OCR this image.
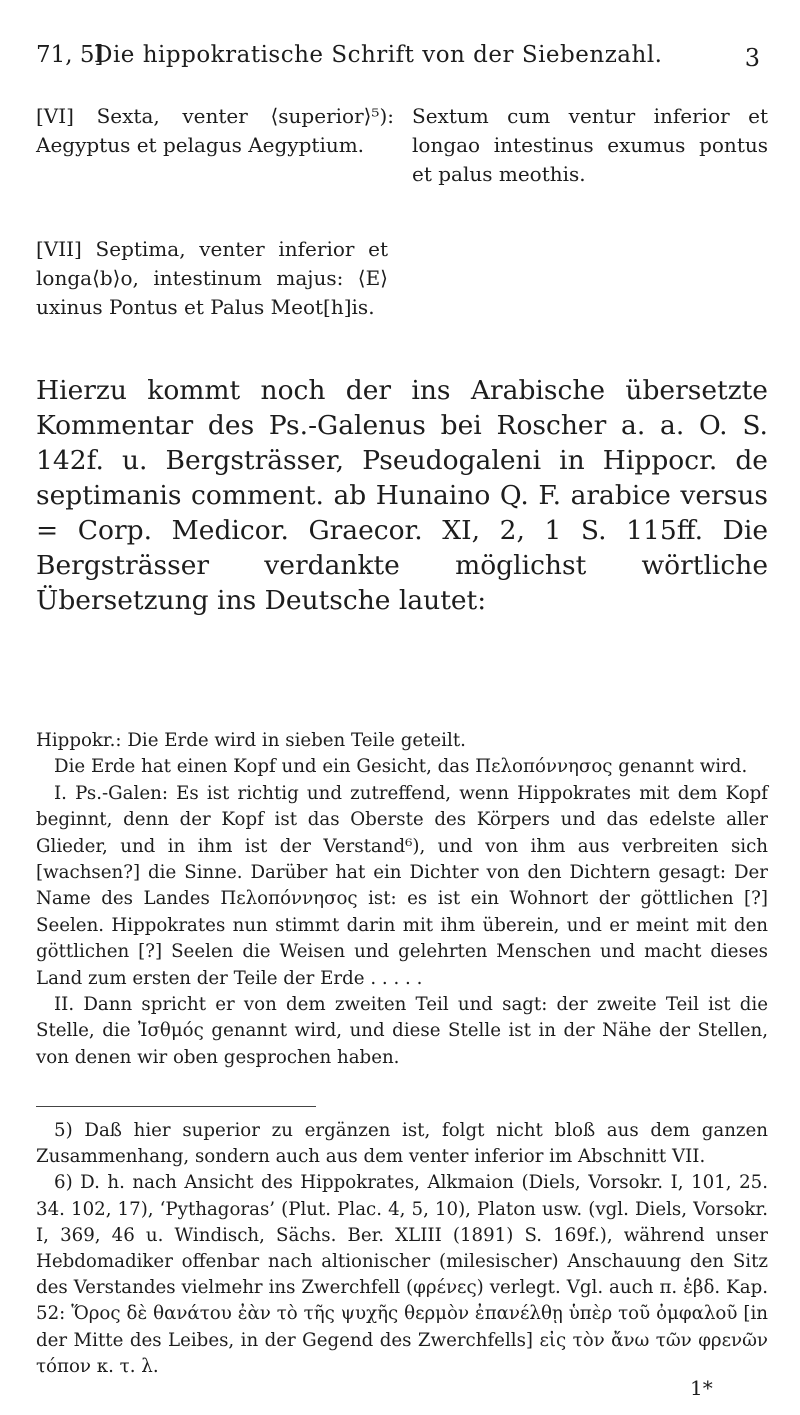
71, 5]
Die hippokratische Schrift von der Siebenzahl.	3

[VI] Sexta, venter ⟨superior⟩⁵): Aegyptus et pelagus Aegyptium.

Sextum cum ventur inferior et longao intestinus exumus pontus et palus meothis.

[VII] Septima, venter inferior et longa⟨b⟩o, intestinum majus: ⟨E⟩uxinus Pontus et Palus Meot[h]is.

Hierzu kommt noch der ins Arabische übersetzte Kommentar des Ps.-Galenus bei Roscher a. a. O. S. 142f. u. Bergsträsser, Pseudogaleni in Hippocr. de septimanis comment. ab Hunaino Q. F. arabice versus = Corp. Medicor. Graecor. XI, 2, 1 S. 115ff. Die Bergsträsser verdankte möglichst wörtliche Übersetzung ins Deutsche lautet:

Hippokr.: Die Erde wird in sieben Teile geteilt.

Die Erde hat einen Kopf und ein Gesicht, das Πελοπόννησος genannt wird.

I. Ps.-Galen: Es ist richtig und zutreffend, wenn Hippokrates mit dem Kopf beginnt, denn der Kopf ist das Oberste des Körpers und das edelste aller Glieder, und in ihm ist der Verstand⁶), und von ihm aus verbreiten sich [wachsen?] die Sinne. Darüber hat ein Dichter von den Dichtern gesagt: Der Name des Landes Πελοπόννησος ist: es ist ein Wohnort der göttlichen [?] Seelen. Hippokrates nun stimmt darin mit ihm überein, und er meint mit den göttlichen [?] Seelen die Weisen und gelehrten Menschen und macht dieses Land zum ersten der Teile der Erde . . . . .

II. Dann spricht er von dem zweiten Teil und sagt: der zweite Teil ist die Stelle, die Ἰσθμός genannt wird, und diese Stelle ist in der Nähe der Stellen, von denen wir oben gesprochen haben.

5) Daß hier superior zu ergänzen ist, folgt nicht bloß aus dem ganzen Zusammenhang, sondern auch aus dem venter inferior im Abschnitt VII.

6) D. h. nach Ansicht des Hippokrates, Alkmaion (Diels, Vorsokr. I, 101, 25. 34. 102, 17), ‘Pythagoras’ (Plut. Plac. 4, 5, 10), Platon usw. (vgl. Diels, Vorsokr. I, 369, 46 u. Windisch, Sächs. Ber. XLIII (1891) S. 169f.), während unser Hebdomadiker offenbar nach altionischer (milesischer) Anschauung den Sitz des Verstandes vielmehr ins Zwerchfell (φρένες) verlegt. Vgl. auch π. ἑβδ. Kap. 52: Ὅρος δὲ θανάτου ἐὰν τὸ τῆς ψυχῆς θερμὸν ἐπανέλθῃ ὑπὲρ τοῦ ὀμφαλοῦ [in der Mitte des Leibes, in der Gegend des Zwerchfells] εἰς τὸν ἄνω τῶν φρενῶν τόπον κ. τ. λ.

1*
